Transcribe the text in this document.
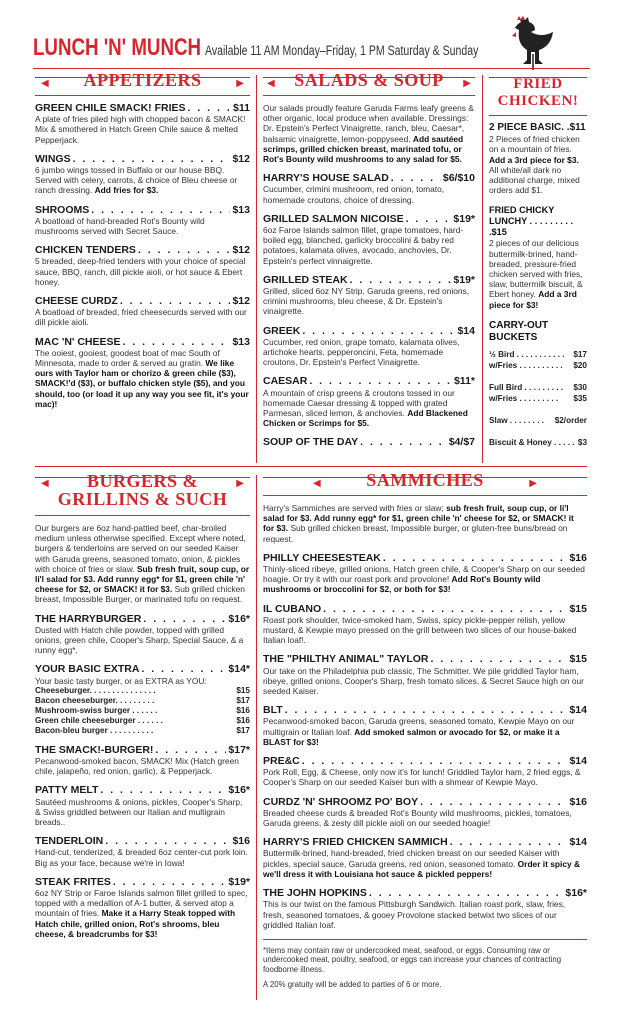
LUNCH 'N' MUNCH Available 11 AM Monday–Friday, 1 PM Saturday & Sunday
◀	▶
APPETIZERS
GREEN CHILE SMACK! FRIES . . .	$11
A plate of fries piled high with chopped bacon & SMACK! Mix & smothered in Hatch Green Chile sauce & melted Pepperjack.
WINGS . . .	$12
6 jumbo wings tossed in Buffalo or our house BBQ. Served with celery, carrots, & choice of Bleu cheese or ranch dressing. Add fries for $3.
SHROOMS . . .	$13
A boatload of hand-breaded Rot's Bounty wild mushrooms served with Secret Sauce.
CHICKEN TENDERS . . .	$12
5 breaded, deep-fried tenders with your choice of special sauce, BBQ, ranch, dill pickle aioli, or hot sauce & Ebert honey.
CHEESE CURDZ . . .	$12
A boatload of breaded, fried cheesecurds served with our dill pickle aioli.
MAC 'N' CHEESE . . .	$13
The ooiest, gooiest, goodest boat of mac South of Minnesota, made to order & served au gratin. We like ours with Taylor ham or chorizo & green chile ($3), SMACK!'d ($3), or buffalo chicken style ($5), and you should, too (or load it up any way you see fit, it's your mac)!
◀	▶
SALADS & SOUP
Our salads proudly feature Garuda Farms leafy greens & other organic, local produce when available. Dressings: Dr. Epstein's Perfect Vinaigrette, ranch, bleu, Caesar*, balsamic vinaigrette, lemon-poppyseed. Add sautéed scrimps, grilled chicken breast, marinated tofu, or Rot's Bounty wild mushrooms to any salad for $5.
HARRY'S HOUSE SALAD . . .	$6/$10
Cucumber, crimini mushroom, red onion, tomato, homemade croutons, choice of dressing.
GRILLED SALMON NICOISE . . .	$19*
6oz Faroe Islands salmon fillet, grape tomatoes, hard-boiled egg, blanched, garlicky broccolini & baby red potatoes, kalamata olives, avocado, anchovies, Dr. Epstein's perfect vinnaigrette.
GRILLED STEAK . . .	$19*
Grilled, sliced 6oz NY Strip, Garuda greens, red onions, crimini mushrooms, bleu cheese, & Dr. Epstein's vinaigrette.
GREEK . . .	$14
Cucumber, red onion, grape tomato, kalamata olives, artichoke hearts, pepperoncini, Feta, homemade croutons, Dr. Epstein's Perfect Vinaigrette.
CAESAR . . .	$11*
A mountain of crisp greens & croutons tossed in our homemade Caesar dressing & topped with grated Parmesan, sliced lemon, & anchovies. Add Blackened Chicken or Scrimps for $5.
SOUP OF THE DAY . . .	$4/$7
FRIED
CHICKEN!
2 PIECE BASIC. .$11
2 Pieces of fried chicken on a mountain of fries. Add a 3rd piece for $3. All white/all dark no additional charge, mixed orders add $1.
FRIED CHICKY LUNCHY . . . . . . . . . .$15
2 pieces of our delicious buttermilk-brined, hand-breaded, pressure-fried chicken served with fries, slaw, buttermilk biscuit, & Ebert honey. Add a 3rd piece for $3!
CARRY-OUT
BUCKETS
½ Bird . . . . . . . . . . . $17
w/Fries . . . . . . . . . . $20
Full Bird . . . . . . . . . $30
w/Fries . . . . . . . . . $35
Slaw . . . . . . . . $2/order
Biscuit & Honey . . . . . $3
◀	▶
BURGERS &
GRILLINS & SUCH
Our burgers are 6oz hand-pattied beef, char-broiled medium unless otherwise specified. Except where noted, burgers & tenderloins are served on our seeded Kaiser with Garuda greens, seasoned tomato, onion, & pickles with choice of fries or slaw. Sub fresh fruit, soup cup, or li'l salad for $3. Add runny egg* for $1, green chile 'n' cheese for $2, or SMACK! it for $3. Sub grilled chicken breast, Impossible Burger, or marinated tofu on request.
THE HARRYBURGER . . .	$16*
Dusted with Hatch chile powder, topped with grilled onions, green chile, Cooper's Sharp, Special Sauce, & a runny egg*.
YOUR BASIC EXTRA . . .	$14*
Your basic tasty burger, or as EXTRA as YOU:
Cheeseburger. . . . . . . . . . . . . . .	$15
Bacon cheeseburger. . . . . . . . .	$17
Mushroom-swiss burger . . . . . .	$16
Green chile cheeseburger . . . . . .	$16
Bacon-bleu burger . . . . . . . . . .	$17
THE SMACK!-BURGER! . . .	$17*
Pecanwood-smoked bacon, SMACK! Mix (Hatch green chile, jalapeño, red onion, garlic), & Pepperjack.
PATTY MELT . . .	$16*
Sautéed mushrooms & onions, pickles, Cooper's Sharp, & Swiss griddled between our Italian and multigrain breads..
TENDERLOIN . . .	$16
Hand-cut, tenderized, & breaded 6oz center-cut pork loin. Big as your face, because we're in Iowa!
STEAK FRITES . . .	$19*
6oz NY Strip or Faroe Islands salmon fillet grilled to spec, topped with a medallion of A-1 butter, & served atop a mountain of fries. Make it a Harry Steak topped with Hatch chile, grilled onion, Rot's shrooms, bleu cheese, & breadcrumbs for $3!
◀	▶
SAMMICHES
Harry's Sammiches are served with fries or slaw; sub fresh fruit, soup cup, or li'l salad for $3. Add runny egg* for $1, green chile 'n' cheese for $2, or SMACK! it for $3. Sub grilled chicken breast, Impossible burger, or gluten-free buns/bread on request.
PHILLY CHEESESTEAK . . .	$16
Thinly-sliced ribeye, grilled onions, Hatch green chile, & Cooper's Sharp on our seeded hoagie. Or try it with our roast pork and provolone! Add Rot's Bounty wild mushrooms or broccolini for $2, or both for $3!
IL CUBANO . . .	$15
Roast pork shoulder, twice-smoked ham, Swiss, spicy pickle-pepper relish, yellow mustard, & Kewpie mayo pressed on the grill between two slices of our house-baked Italian loaf!.
THE "PHILTHY ANIMAL" TAYLOR . . .	$15
Our take on the Philadelphia pub classic, The Schmitter. We pile griddled Taylor ham, ribeye, grilled onions, Cooper's Sharp, fresh tomato slices, & Secret Sauce high on our seeded Kaiser.
BLT . . .	$14
Pecanwood-smoked bacon, Garuda greens, seasoned tomato, Kewpie Mayo on our multigrain or Italian loaf. Add smoked salmon or avocado for $2, or make it a BLAST for $3!
PRE&C . . .	$14
Pork Roll, Egg, & Cheese, only now it's for lunch! Griddled Taylor ham, 2 fried eggs, & Cooper's Sharp on our seeded Kaiser bun with a shmear of Kewpie Mayo.
CURDZ 'N' SHROOMZ PO' BOY . . .	$16
Breaded cheese curds & breaded Rot's Bounty wild mushrooms, pickles, tomatoes, Garuda greens, & zesty dill pickle aioli on our seeded hoagie!
HARRY'S FRIED CHICKEN SAMMICH . . .	$14
Buttermilk-brined, hand-breaded, fried chicken breast on our seeded Kaiser with pickles, special sauce, Garuda greens, red onion, seasoned tomato. Order it spicy & we'll dress it with Louisiana hot sauce & pickled peppers!
THE JOHN HOPKINS . . .	$16*
This is our twist on the famous Pittsburgh Sandwich. Italian roast pork, slaw, fries, fresh, seasoned tomatoes, & gooey Provolone stacked betwixt two slices of our griddled Italian loaf.
*Items may contain raw or undercooked meat, seafood, or eggs. Consuming raw or undercooked meat, poultry, seafood, or eggs can increase your chances of contracting foodborne illness.
A 20% gratuity will be added to parties of 6 or more.
